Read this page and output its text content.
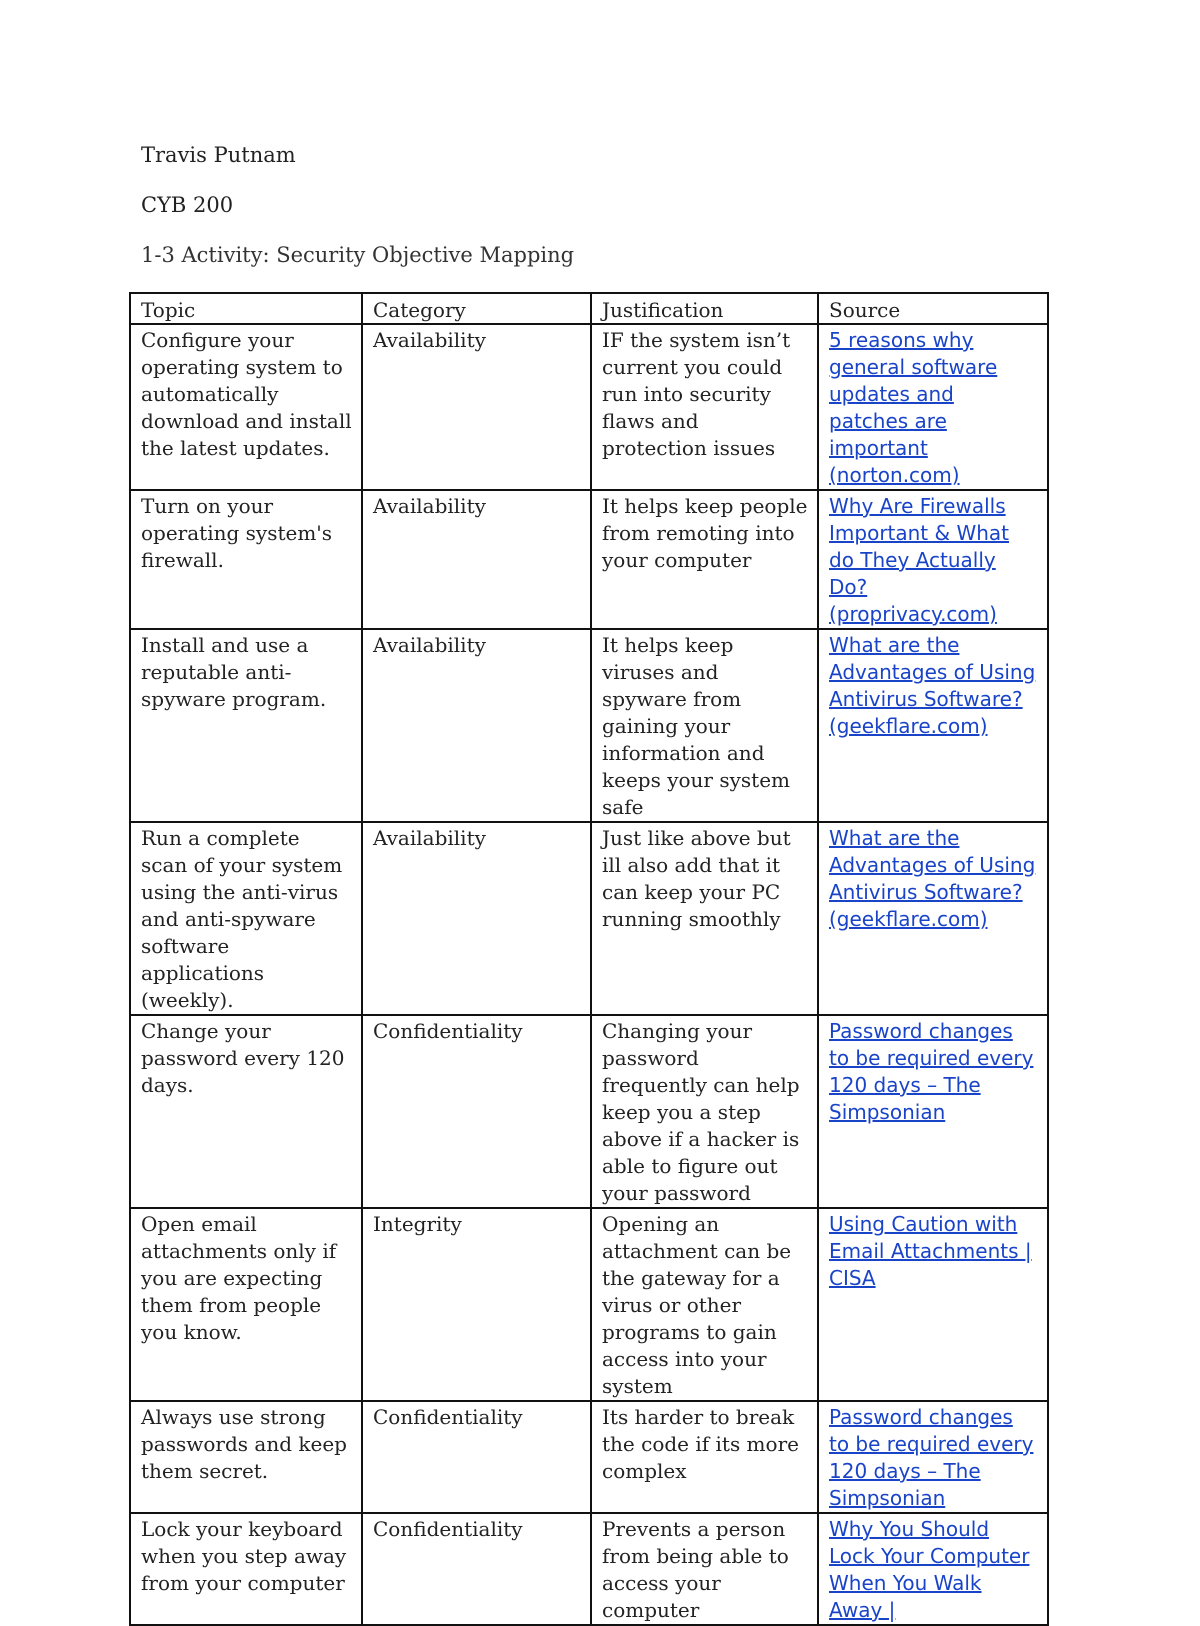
Travis Putnam
CYB 200
1-3 Activity: Security Objective Mapping
Topic	Category	Justification	Source
Configure your operating system to automatically download and install the latest updates.	Availability	IF the system isn’t current you could run into security flaws and protection issues	5 reasons why general software updates and patches are important (norton.com)
Turn on your operating system's firewall.	Availability	It helps keep people from remoting into your computer	Why Are Firewalls Important & What do They Actually Do? (proprivacy.com)
Install and use a reputable anti-spyware program.	Availability	It helps keep viruses and spyware from gaining your information and keeps your system safe	What are the Advantages of Using Antivirus Software? (geekflare.com)
Run a complete scan of your system using the anti-virus and anti-spyware software applications (weekly).	Availability	Just like above but ill also add that it can keep your PC running smoothly	What are the Advantages of Using Antivirus Software? (geekflare.com)
Change your password every 120 days.	Confidentiality	Changing your password frequently can help keep you a step above if a hacker is able to figure out your password	Password changes to be required every 120 days – The Simpsonian
Open email attachments only if you are expecting them from people you know.	Integrity	Opening an attachment can be the gateway for a virus or other programs to gain access into your system	Using Caution with Email Attachments | CISA
Always use strong passwords and keep them secret.	Confidentiality	Its harder to break the code if its more complex	Password changes to be required every 120 days – The Simpsonian
Lock your keyboard when you step away from your computer	Confidentiality	Prevents a person from being able to access your computer	Why You Should Lock Your Computer When You Walk Away |
